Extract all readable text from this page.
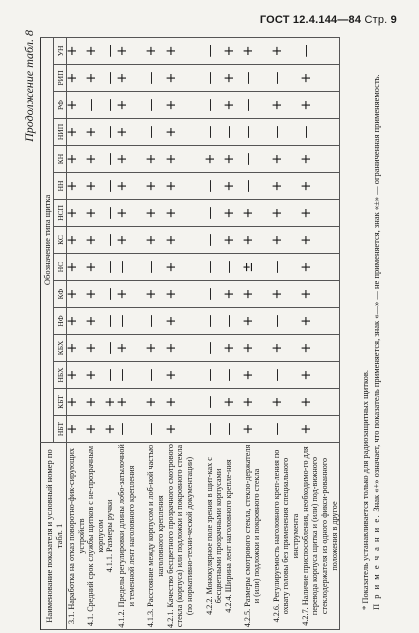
ГОСТ 12.4.144—84 Стр. 9
Продолжение табл. 8
Наименование показателя и условный номер по табл. 1	Обозначение типа щитка														
	НБТ	КБТ	НБХ	КБХ	НФ	КФ	НС	КС	НСП	НН	КН	НИП	РФ	РИП	УН
3.1. Наработка на отказ поворотно-фик-сирующих устройств	+	+	+	+	+	+	+	+	+	+	+	+	+	+	+
4.1. Средний срок службы щитков с не-прозрачным корпусом	+	+	+	+	+	+	+	+	+	+	+	+	—	+	+
4.1.1. Размеры ручки	+	+	—	—	—	—	—	—	—	—	—	—	—	—	—
4.1.2. Пределы регулировки длины лобо-затылочной и теменной лент наголовного крепления	—	+	—	+	—	+	—	+	+	+	+	+	+	+	+
4.1.3. Расстояние между корпусом и лоб-ной частью наголовного крепления	—	+	—	+	—	+	—	+	+	+	+	—	—	—	+
4.2.1. Качество бесцветного прозрачного смотрового стекла (корпуса) или подложки и покровного стекла (по нормативно-техни-ческой документации)	+	+	+	+	+	+	+	+	+	+	+	+	+	+	+
4.2.2. Монокулярное поле зрения в щит-ках с бесцветными прозрачными корпусами	—	—	—	—	—	—	—	—	—	—	+	—	—	—	—
4.2.4. Ширина лент наголовного крепле-ния	—	+	—	+	—	+	—	+	+	+	+	—	+	+	+
4.2.5. Размеры смотрового стекла, стекло-держателя и (или) подложки и покровного стекла	+	+	+	+	+	+	±	+	+	—	—	—	—	—	+
4.2.6. Регулируемость наголовного креп-ления по охвату головы без применения специального инструмента	—	+	—	+	—	+	—	+	+	+	+	—	+	—	+
4.2.7. Наличие приспособления, необходимо-го для перевода корпуса щитка и (или) под-вижного стеклодержателя из одного фикси-рованного положения в другое	+	+	+	+	+	+	+	+	+	+	+	—	+	+	—
* Показатель устанавливается только для радиозащитных щитков. П р и м е ч а н и е. Знак «+» означает, что показатель применяется, знак «—» — не применяется, знак «±» — ограниченная применяемость.
